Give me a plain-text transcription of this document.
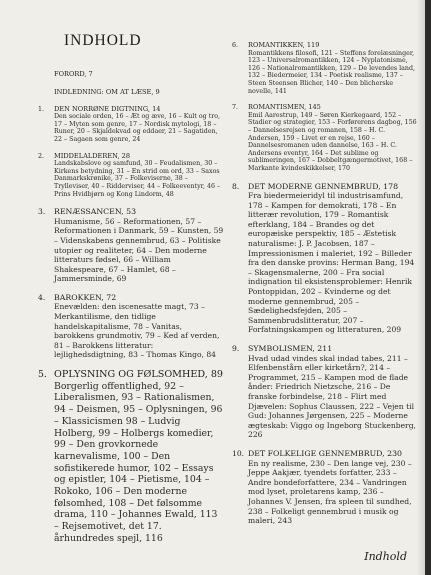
INDHOLD
FORORD, 7
INDLEDNING: OM AT LÆSE, 9
1. DEN NORRØNE DIGTNING, 14
Den sociale orden, 16 – Æt og æve, 16 – Kult og tro, 17 – Myten som genre, 17 – Nordisk mytologi, 18 – Runer, 20 – Skjaldekvad og eddaer, 21 – Sagatiden, 22 – Sagaen som genre, 24
2. MIDDELALDEREN, 28
Landskabslove og samfund, 30 – Feudalismen, 30 – Kirkens betydning, 31 – En strid om ord, 33 – Saxos Danmarkskrønike, 37 – Folkeviserne, 38 – Trylleviser, 40 – Ridderviser, 44 – Folkeeventyr, 46 – Prins Hvidbjørn og Kong Lindorm, 48
3. RENÆSSANCEN, 53
Humanisme, 56 – Reformationen, 57 – Reformationen i Danmark, 59 – Kunsten, 59 – Videnskabens gennembrud, 63 – Politiske utopier og realiteter, 64 – Den moderne litteraturs fødsel, 66 – William Shakespeare, 67 – Hamlet, 68 – Jammersminde, 69
4. BAROKKEN, 72
Enevælden: den iscenesatte magt, 73 – Merkantilisme, den tidlige handelskapitalisme, 78 – Vanitas, barokkens grundmotiv, 79 – Ked af verden, 81 – Barokkens litteratur: lejlighedsdigtning, 83 – Thomas Kingo, 84
5. OPLYSNING OG FØLSOMHED, 89
Borgerlig offentlighed, 92 – Liberalismen, 93 – Rationalismen, 94 – Deismen, 95 – Oplysningen, 96 – Klassicismen 98 – Ludvig Holberg, 99 – Holbergs komedier, 99 – Den grovkornede karnevalisme, 100 – Den sofistikerede humor, 102 – Essays og epistler, 104 – Pietisme, 104 – Rokoko, 106 – Den moderne følsomhed, 108 – Det følsomme drama, 110 – Johannes Ewald, 113 – Rejsemotivet, det 17. århundredes spejl, 116
6. ROMANTIKKEN, 119
Romantikkens filosofi, 121 – Steffens forelæsninger, 123 – Universalromantikken, 124 – Nyplatonisme, 126 – Nationalromantikken, 129 – De levendes land, 132 – Biedermeier, 134 – Poetisk realisme, 137 – Steen Steensen Blicher, 140 – Den blicherske novelle, 141
7. ROMANTISMEN, 145
Emil Aarestrup, 149 – Søren Kierkegaard, 152 – Stadier og strategier, 153 – Forførerens dagbog, 156 – Dannelsesrejsen og romanen, 158 – H. C. Andersen, 159 – Livet er en rejse, 160 – Dannelsesromanen uden dannelse, 163 – H. C. Andersens eventyr, 164 – Det sublime og sublimeringen, 167 – Dobbeltgængermotivet, 168 – Markante kvindeskikkelser, 170
8. DET MODERNE GENNEMBRUD, 178
Fra biedermeieridyl til industrisamfund, 178 – Kampen for demokrati, 178 – En litterær revolution, 179 – Romantisk efterklang, 184 – Brandes og det europæiske perspektiv, 185 – Æstetisk naturalisme: J. P. Jacobsen, 187 – Impressionismen i maleriet, 192 – Billeder fra den danske provins: Herman Bang, 194 – Skagensmalerne, 200 – Fra social indignation til eksistensproblemer: Henrik Pontoppidan, 202 – Kvinderne og det moderne gennembrud, 205 – Sædelighedsfejden, 205 – Sammenbrudslitteratur, 207 – Forfatningskampen og litteraturen, 209
9. SYMBOLISMEN, 211
Hvad udad vindes skal indad tabes, 211 – Elfenbenstårn eller kirketårn?, 214 – Programmet, 215 – Kampen mod de flade ånder: Friedrich Nietzsche, 216 – De franske forbindelse, 218 – Flirt med Djævelen: Sophus Claussen, 222 – Vejen til Gud: Johannes Jørgensen, 225 – Moderne ægteskab: Viggo og Ingeborg Stuckenberg, 226
10. DET FOLKELIGE GENNEMBRUD, 230
En ny realisme, 230 – Den lange vej, 230 – Jeppe Aakjær, tyendets forfatter, 233 – Andre bondeforfattere, 234 – Vandringen mod lyset, proletarens kamp, 236 – Johannes V. Jensen, fra spleen til sundhed, 238 – Folkeligt gennembrud i musik og maleri, 243
Indhold
